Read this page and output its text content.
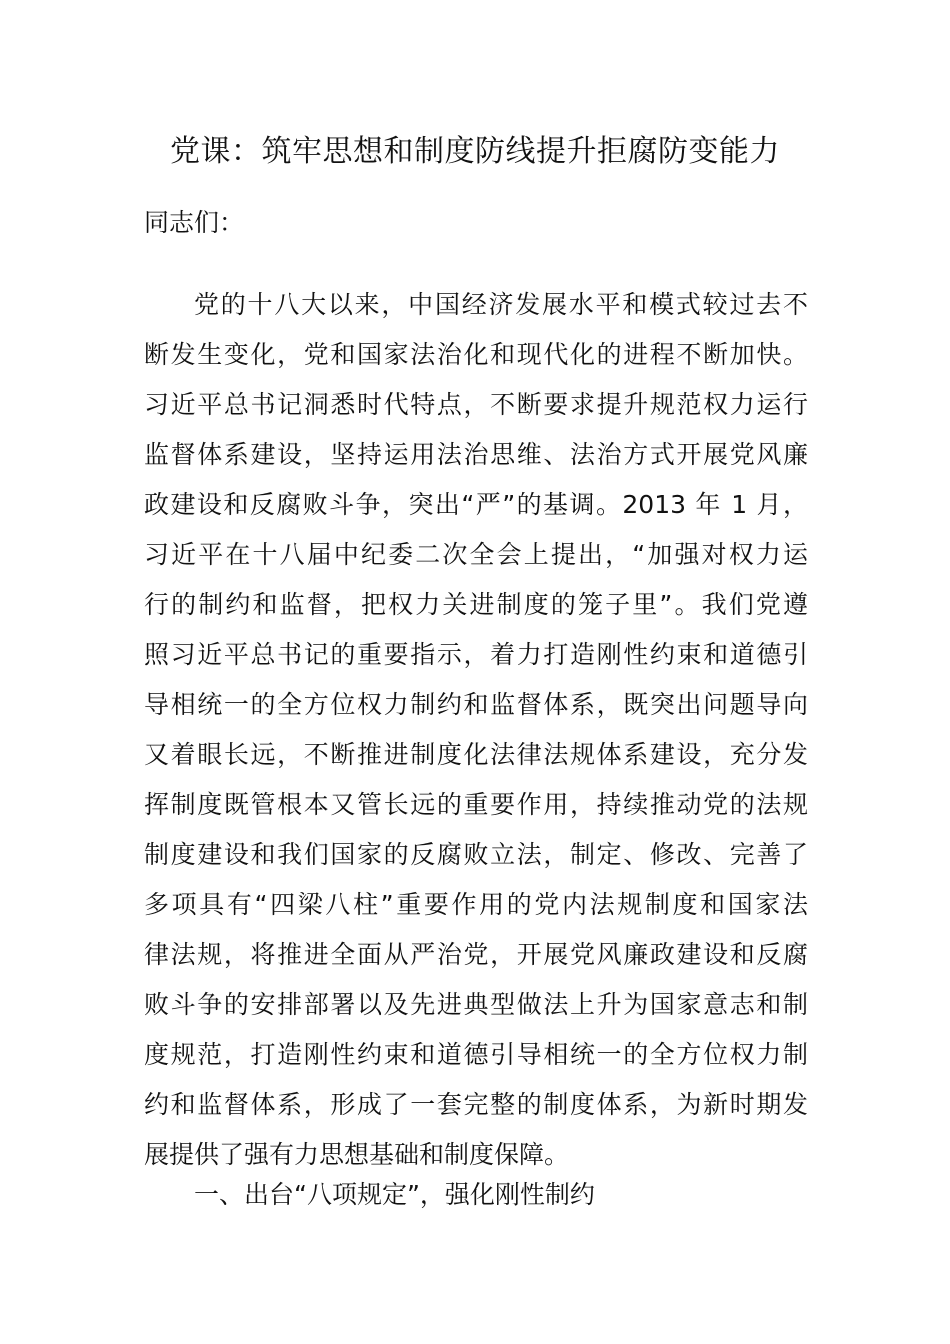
党课：筑牢思想和制度防线提升拒腐防变能力
同志们：
党的十八大以来，中国经济发展水平和模式较过去不
断发生变化，党和国家法治化和现代化的进程不断加快。
习近平总书记洞悉时代特点，不断要求提升规范权力运行
监督体系建设，坚持运用法治思维、法治方式开展党风廉
政建设和反腐败斗争，突出“严”的基调。2013 年 1 月，
习近平在十八届中纪委二次全会上提出，“加强对权力运
行的制约和监督，把权力关进制度的笼子里”。我们党遵
照习近平总书记的重要指示，着力打造刚性约束和道德引
导相统一的全方位权力制约和监督体系，既突出问题导向
又着眼长远，不断推进制度化法律法规体系建设，充分发
挥制度既管根本又管长远的重要作用，持续推动党的法规
制度建设和我们国家的反腐败立法，制定、修改、完善了
多项具有“四梁八柱”重要作用的党内法规制度和国家法
律法规，将推进全面从严治党，开展党风廉政建设和反腐
败斗争的安排部署以及先进典型做法上升为国家意志和制
度规范，打造刚性约束和道德引导相统一的全方位权力制
约和监督体系，形成了一套完整的制度体系，为新时期发
展提供了强有力思想基础和制度保障。
一、出台“八项规定”，强化刚性制约
